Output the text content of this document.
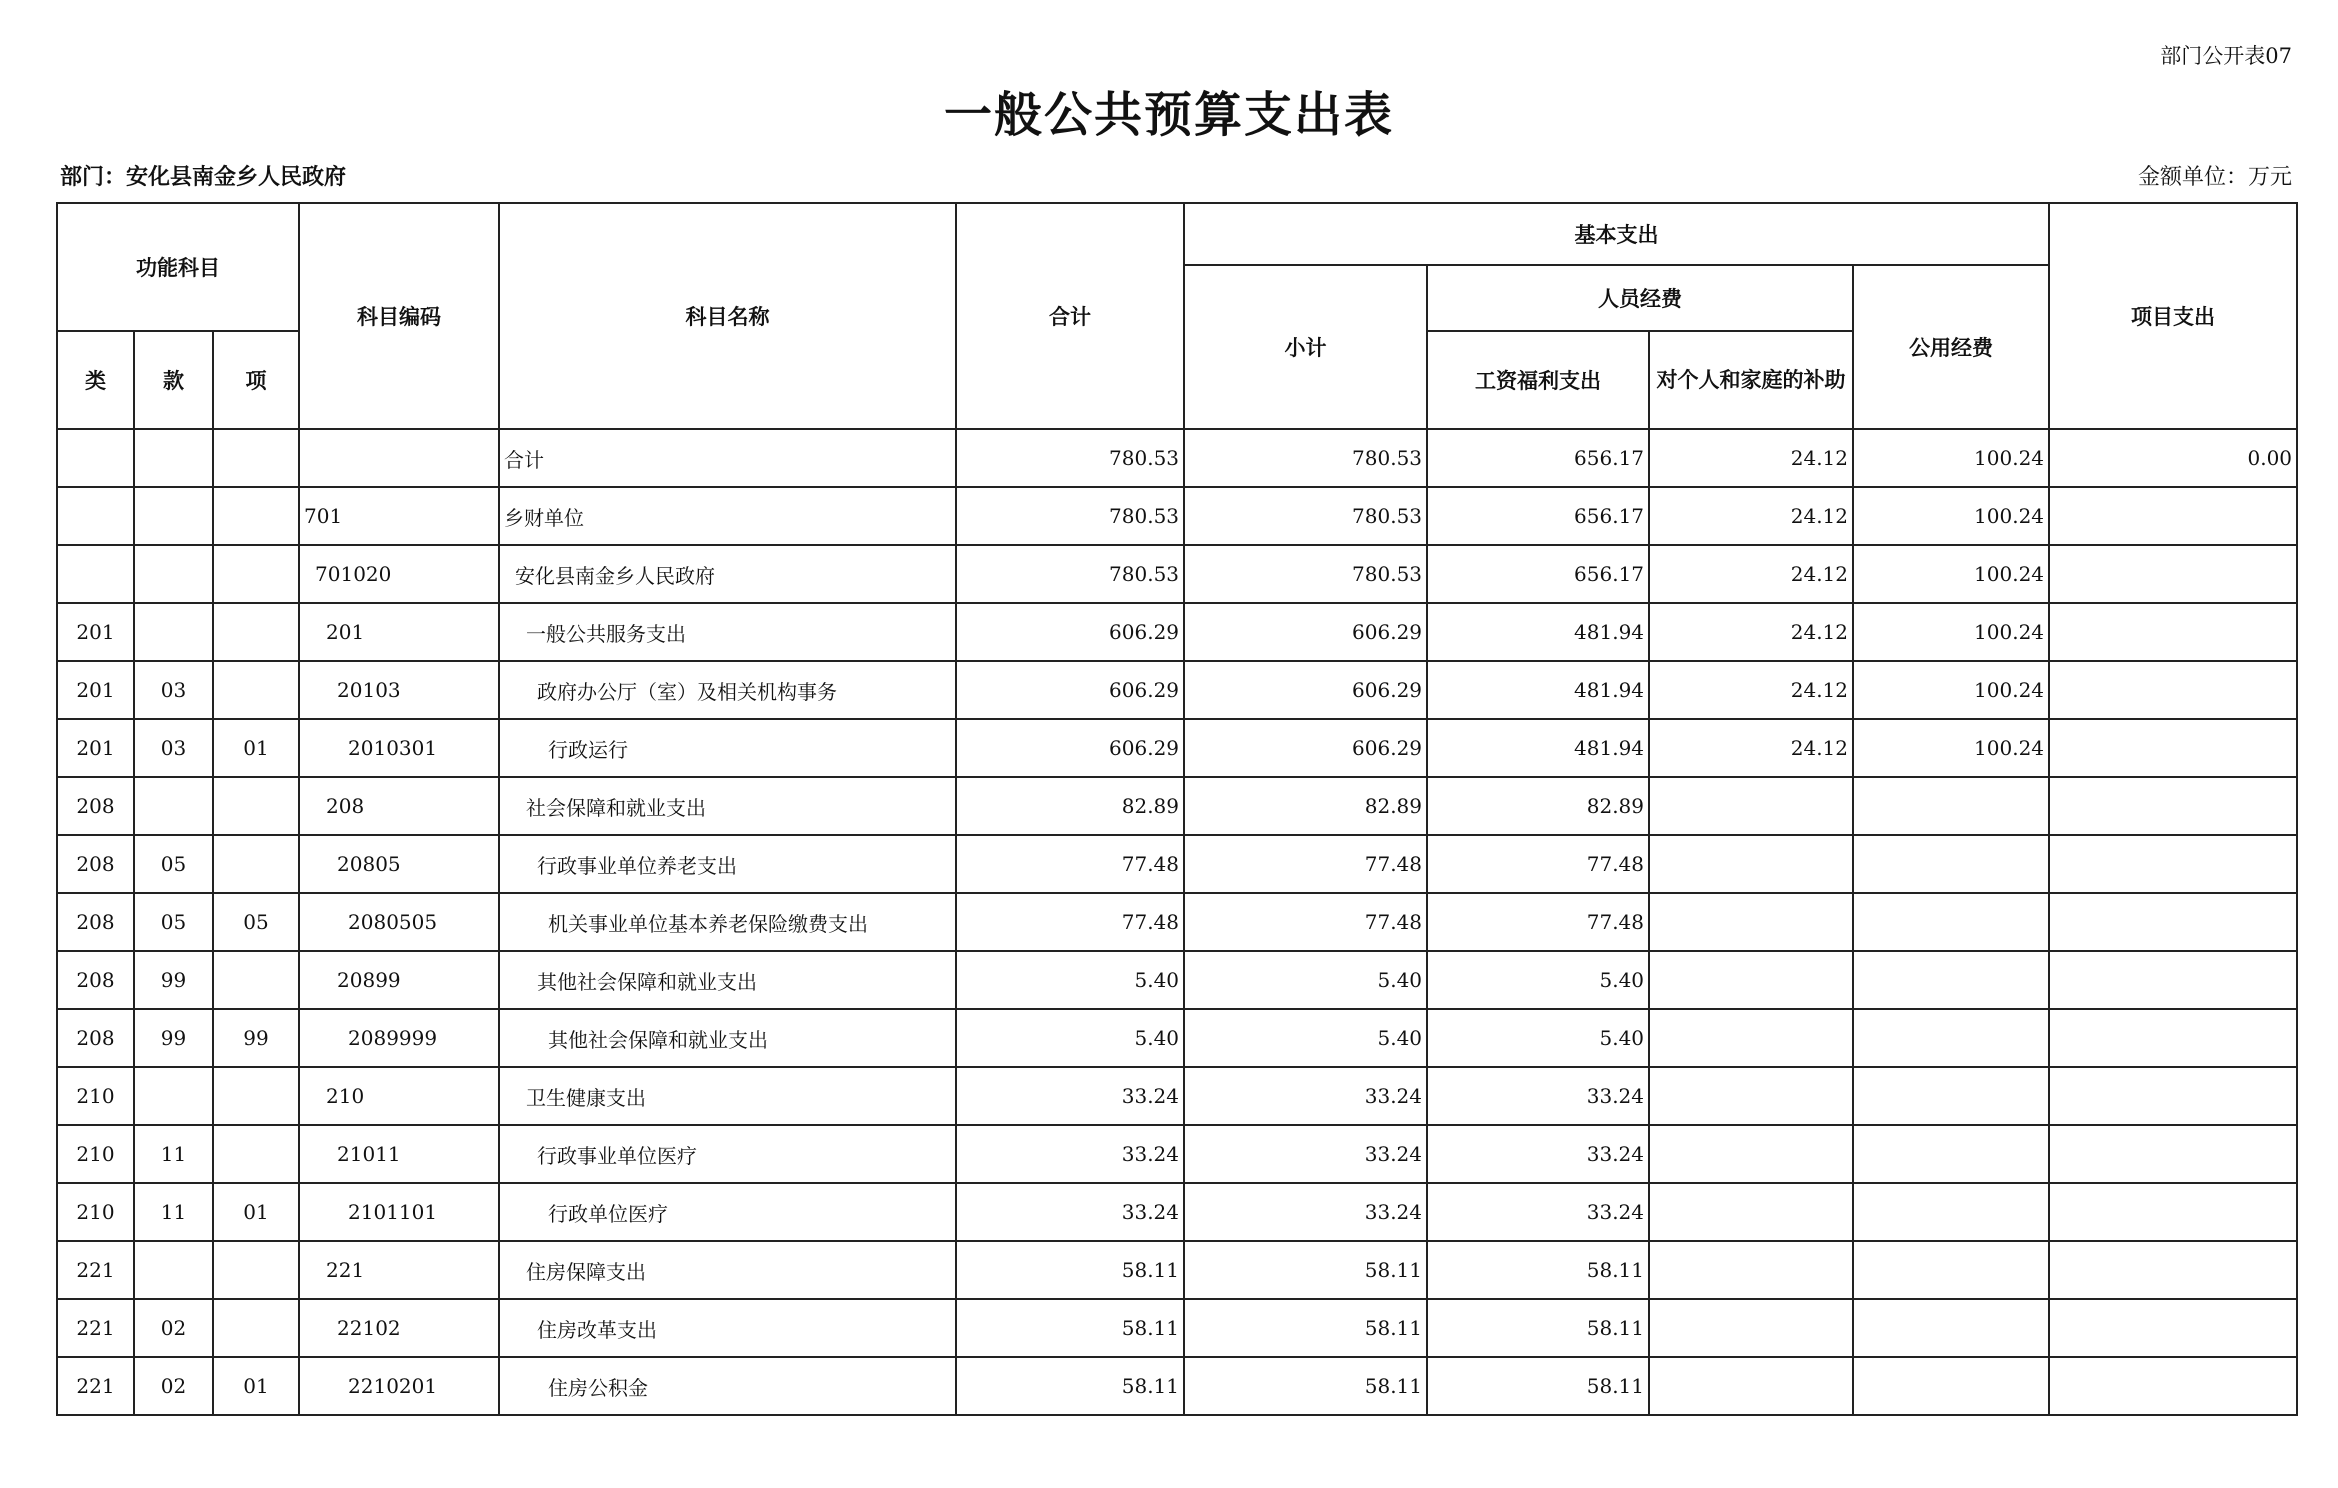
部门公开表07
一般公共预算支出表
部门：安化县南金乡人民政府	金额单位：万元
功能科目			科目编码	科目名称	合计	基本支出				项目支出
						小计	人员经费		公用经费	
类	款	项					工资福利支出	对个人和家庭的补助		
				合计	780.53	780.53	656.17	24.12	100.24	0.00
			701	乡财单位	780.53	780.53	656.17	24.12	100.24	
			701020	安化县南金乡人民政府	780.53	780.53	656.17	24.12	100.24	
201			201	一般公共服务支出	606.29	606.29	481.94	24.12	100.24	
201	03		20103	政府办公厅（室）及相关机构事务	606.29	606.29	481.94	24.12	100.24	
201	03	01	2010301	行政运行	606.29	606.29	481.94	24.12	100.24	
208			208	社会保障和就业支出	82.89	82.89	82.89			
208	05		20805	行政事业单位养老支出	77.48	77.48	77.48			
208	05	05	2080505	机关事业单位基本养老保险缴费支出	77.48	77.48	77.48			
208	99		20899	其他社会保障和就业支出	5.40	5.40	5.40			
208	99	99	2089999	其他社会保障和就业支出	5.40	5.40	5.40			
210			210	卫生健康支出	33.24	33.24	33.24			
210	11		21011	行政事业单位医疗	33.24	33.24	33.24			
210	11	01	2101101	行政单位医疗	33.24	33.24	33.24			
221			221	住房保障支出	58.11	58.11	58.11			
221	02		22102	住房改革支出	58.11	58.11	58.11			
221	02	01	2210201	住房公积金	58.11	58.11	58.11			
